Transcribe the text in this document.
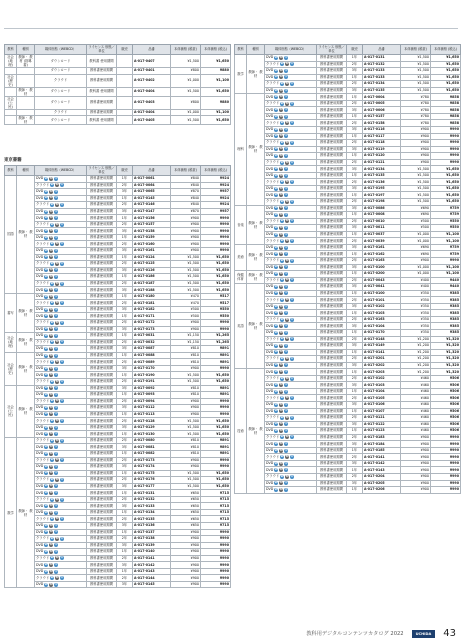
教科	種別	媒体形態（WEBCD）	ライセンス 形態／単位	販売	品番	本体価格 (税抜)	本体価格 (税込)
社会 (地理)	教師・ 教材 (指導書)	ダウンロード	教科書 使用期間		A-017-0407	¥1,500	¥1,650
		ダウンロード	教科書使用期間		A-017-0401	¥800	¥880
社会 (歴史)		クラウド	教科書使用期間		A-017-0402	¥1,000	¥1,100
	教師・ 教材	ダウンロード	教科書 使用期間		A-017-0404	¥1,500	¥1,650
社会 (公民)		ダウンロード	教科書使用期間		A-017-0403	¥800	¥880
		クラウド	教科書使用期間		A-017-0404	¥1,000	¥1,100
	教師・ 教材	ダウンロード	教科書 使用期間		A-017-0405	¥1,500	¥1,650
東京書籍
教科	種別	媒体形態（WEBCD）	ライセンス 形態／単位	販売	品番	本体価格 (税抜)	本体価格 (税込)
国語	教師・ 教材	DVD W M C	教科書使用期間	1年	A-017-0061	¥840	¥924

		クラウド W M C	教科書使用期間	2年	A-017-0064	¥840	¥924

		DVD W M C	教科書使用期間	3年	A-017-0065	¥870	¥957

		DVD W M C	教科書使用期間	1年	A-017-0145	¥840	¥924

		クラウド W M C	教科書使用期間	2年	A-017-0146	¥840	¥924

		DVD W M C	教科書使用期間	3年	A-017-0147	¥870	¥957

		DVD W M C	教科書使用期間	1年	A-017-0156	¥900	¥990

		クラウド W M C	教科書使用期間	2年	A-017-0157	¥900	¥990

		DVD W M C	教科書使用期間	3年	A-017-0158	¥900	¥990

		DVD W M C	教科書使用期間	1年	A-017-0159	¥900	¥990

		クラウド W M C	教科書使用期間	2年	A-017-0160	¥900	¥990

		DVD W M C	教科書使用期間	3年	A-017-0161	¥900	¥990

		DVD W M C	教科書使用期間	1年	A-017-0124	¥1,500	¥1,650

		クラウド W M C	教科書使用期間	2年	A-017-0125	¥1,500	¥1,650

		DVD W M C	教科書使用期間	3年	A-017-0126	¥1,500	¥1,650

		DVD W M C	教科書使用期間	1年	A-017-0186	¥1,500	¥1,650

		クラウド W M C	教科書使用期間	2年	A-017-0187	¥1,500	¥1,650

		DVD W M C	教科書使用期間	3年	A-017-0188	¥1,500	¥1,650
書写	教師・ 教材	DVD W M C	教科書使用期間	1年	A-017-0180	¥470	¥517

		クラウド W M C	教科書使用期間	2年	A-017-0181	¥470	¥517

		DVD W M C	教科書使用期間	3年	A-017-0182	¥500	¥550

		DVD W M C	教科書使用期間	1年	A-017-0171	¥500	¥550

		クラウド W M C	教科書使用期間	2年	A-017-0172	¥900	¥990

		DVD W M C	教科書使用期間	3年	A-017-0173	¥900	¥990
社会 (地理)	教師・ 教材	DVD W M C	教科書使用期間	1年	A-017-0031	¥1,150	¥1,265

		クラウド W M C	教科書使用期間	2年	A-017-0032	¥1,150	¥1,265

		DVD W M C	教科書使用期間	3年	A-017-0087	¥810	¥891
社会 (歴史)	教師・ 教材	DVD W M C	教科書使用期間	1年	A-017-0088	¥810	¥891

		クラウド W M C	教科書使用期間	2年	A-017-0089	¥810	¥891

		DVD W M C	教科書使用期間	3年	A-017-0170	¥900	¥990

		DVD W M C	教科書使用期間	1年	A-017-0190	¥1,500	¥1,650

		クラウド W M C	教科書使用期間	2年	A-017-0191	¥1,500	¥1,650
社会 (公民)	教師・ 教材	DVD W M C	教科書使用期間	3年	A-017-0092	¥810	¥891

		DVD W M C	教科書使用期間	1年	A-017-0093	¥810	¥891

		クラウド W M C	教科書使用期間	2年	A-017-0094	¥900	¥990

		DVD W M C	教科書使用期間	3年	A-017-0112	¥900	¥990

		DVD W M C	教科書使用期間	1年	A-017-0113	¥900	¥990

		クラウド W M C	教科書使用期間	2年	A-017-0128	¥1,500	¥1,650

		DVD W M C	教科書使用期間	3年	A-017-0129	¥1,500	¥1,650

		DVD W M C	教科書使用期間	1年	A-017-0130	¥1,500	¥1,650
数学	教師・ 教材	クラウド W M C	教科書使用期間	2年	A-017-0080	¥810	¥891

		DVD W M C	教科書使用期間	3年	A-017-0081	¥810	¥891

		DVD W M C	教科書使用期間	1年	A-017-0082	¥810	¥891

		クラウド W M C	教科書使用期間	2年	A-017-0173	¥900	¥990

		DVD W M C	教科書使用期間	3年	A-017-0174	¥900	¥990

		DVD W M C	教科書使用期間	1年	A-017-0175	¥1,500	¥1,650

		クラウド W M C	教科書使用期間	2年	A-017-0176	¥1,500	¥1,650

		DVD W M C	教科書使用期間	3年	A-017-0177	¥1,500	¥1,650

		DVD W M C	教科書使用期間	1年	A-017-0131	¥650	¥715

		クラウド W M C	教科書使用期間	2年	A-017-0132	¥650	¥715

		DVD W M C	教科書使用期間	3年	A-017-0133	¥650	¥715

		DVD W M C	教科書使用期間	1年	A-017-0134	¥650	¥715

		クラウド W M C	教科書使用期間	2年	A-017-0135	¥650	¥715

		DVD W M C	教科書使用期間	3年	A-017-0136	¥650	¥715

		DVD W M C	教科書使用期間	1年	A-017-0137	¥900	¥990

		クラウド W M C	教科書使用期間	2年	A-017-0138	¥900	¥990

		DVD W M C	教科書使用期間	3年	A-017-0139	¥900	¥990

		DVD W M C	教科書使用期間	1年	A-017-0140	¥900	¥990

		クラウド W M C	教科書使用期間	2年	A-017-0141	¥900	¥990

		DVD W M C	教科書使用期間	3年	A-017-0142	¥900	¥990

		DVD W M C	教科書使用期間	1年	A-017-0143	¥900	¥990

		クラウド W M C	教科書使用期間	2年	A-017-0144	¥900	¥990

		DVD W M C	教科書使用期間	3年	A-017-0145	¥900	¥990
教科	種別	媒体形態（WEBCD）	ライセンス 形態／単位	販売	品番	本体価格 (税抜)	本体価格 (税込)
数学	教師・ 教材	DVD W M C	教科書使用期間	1年	A-017-0131	¥1,500	¥1,650

		クラウド W M C	教科書使用期間	2年	A-017-0132	¥1,500	¥1,650

		DVD W M C	教科書使用期間	3年	A-017-0133	¥1,500	¥1,650

		DVD W M C	教科書使用期間	1年	A-017-0133	¥1,500	¥1,650

		クラウド W M C	教科書使用期間	2年	A-017-0134	¥1,500	¥1,650

		DVD W M C	教科書使用期間	3年	A-017-0135	¥1,500	¥1,650
理科	教師・ 教材	DVD W M C	教科書使用期間	1年	A-017-0004	¥780	¥858

		クラウド W M C	教科書使用期間	2年	A-017-0005	¥780	¥858

		DVD W M C	教科書使用期間	3年	A-017-0006	¥780	¥858

		DVD W M C	教科書使用期間	1年	A-017-0157	¥780	¥858

		クラウド W M C	教科書使用期間	2年	A-017-0158	¥780	¥858

		DVD W M C	教科書使用期間	3年	A-017-0116	¥900	¥990

		DVD W M C	教科書使用期間	1年	A-017-0117	¥900	¥990

		クラウド W M C	教科書使用期間	2年	A-017-0118	¥900	¥990

		DVD W M C	教科書使用期間	3年	A-017-0119	¥900	¥990

		DVD W M C	教科書使用期間	1年	A-017-0120	¥900	¥990

		クラウド W M C	教科書使用期間	2年	A-017-0121	¥900	¥990

		DVD W M C	教科書使用期間	3年	A-017-0134	¥1,500	¥1,650

		DVD W M C	教科書使用期間	1年	A-017-0135	¥1,500	¥1,650

		クラウド W M C	教科書使用期間	2年	A-017-0136	¥1,500	¥1,650

		DVD W M C	教科書使用期間	3年	A-017-0195	¥1,500	¥1,650

		DVD W M C	教科書使用期間	1年	A-017-0197	¥1,500	¥1,650

		クラウド W M C	教科書使用期間	2年	A-017-0198	¥1,500	¥1,650
音楽	教師・ 教材	DVD W M C	教科書使用期間	3年	A-017-0086	¥690	¥759

		DVD W M C	教科書使用期間	1年	A-017-0008	¥690	¥759

		クラウド W M C	教科書使用期間	2年	A-017-0010	¥500	¥550

		DVD W M C	教科書使用期間	3年	A-017-0011	¥500	¥550

		DVD W M C	教科書使用期間	1年	A-017-0037	¥1,000	¥1,100

		クラウド W M C	教科書使用期間	2年	A-017-0039	¥1,000	¥1,100
美術	教師・ 教材	DVD W M C	教科書使用期間	3年	A-017-0161	¥690	¥759

		DVD W M C	教科書使用期間	1年	A-017-0162	¥690	¥759

		クラウド W M C	教科書使用期間	2年	A-017-0163	¥900	¥990

		DVD W M C	教科書使用期間	3年	A-017-0100	¥1,000	¥1,100
保健 体育	教師・ 教材	DVD W M C	教科書使用期間	1年	A-017-0200	¥1,000	¥1,100

		クラウド W M C	教科書使用期間	2年	A-017-0043	¥400	¥440
英語	教師・ 教材	DVD W M C	教科書使用期間	3年	A-017-0041	¥400	¥440

		DVD W M C	教科書使用期間	1年	A-017-0100	¥350	¥385

		クラウド W M C	教科書使用期間	2年	A-017-0101	¥350	¥385

		DVD W M C	教科書使用期間	3年	A-017-0102	¥350	¥385

		DVD W M C	教科書使用期間	1年	A-017-0103	¥350	¥385

		クラウド W M C	教科書使用期間	2年	A-017-0163	¥350	¥385

		DVD W M C	教科書使用期間	3年	A-017-0104	¥350	¥385

		DVD W M C	教科書使用期間	1年	A-017-0170	¥350	¥385

		クラウド W M C	教科書使用期間	2年	A-017-0148	¥1,200	¥1,320

		DVD W M C	教科書使用期間	3年	A-017-0149	¥1,200	¥1,320

		DVD W M C	教科書使用期間	1年	A-017-0141	¥1,200	¥1,320

		クラウド W M C	教科書使用期間	2年	A-017-0201	¥1,200	¥1,320

		DVD W M C	教科書使用期間	3年	A-017-0202	¥1,200	¥1,320
技術	教師・ 教材	DVD W M C	教科書使用期間	1年	A-017-0203	¥1,200	¥1,320

		クラウド W M C	教科書使用期間	2年	A-017-0102	¥460	¥506

		DVD W M C	教科書使用期間	3年	A-017-0103	¥460	¥506

		DVD W M C	教科書使用期間	1年	A-017-0104	¥460	¥506

		クラウド W M C	教科書使用期間	2年	A-017-0105	¥460	¥506

		DVD W M C	教科書使用期間	3年	A-017-0106	¥460	¥506

		DVD W M C	教科書使用期間	1年	A-017-0107	¥460	¥506

		クラウド W M C	教科書使用期間	2年	A-017-0121	¥460	¥506

		DVD W M C	教科書使用期間	3年	A-017-0122	¥460	¥506

		DVD W M C	教科書使用期間	1年	A-017-0123	¥460	¥506

		クラウド W M C	教科書使用期間	2年	A-017-0183	¥900	¥990

		DVD W M C	教科書使用期間	3年	A-017-0184	¥900	¥990

		DVD W M C	教科書使用期間	1年	A-017-0185	¥900	¥990

		クラウド W M C	教科書使用期間	2年	A-017-0141	¥900	¥990

		DVD W M C	教科書使用期間	3年	A-017-0142	¥900	¥990

		DVD W M C	教科書使用期間	1年	A-017-0143	¥900	¥990

		クラウド W M C	教科書使用期間	2年	A-017-0204	¥900	¥990

		DVD W M C	教科書使用期間	3年	A-017-0205	¥900	¥990

		DVD W M C	教科書使用期間	1年	A-017-0206	¥900	¥990
教科用デジタルコンテンツカタログ 2022	UCHIDA	43
